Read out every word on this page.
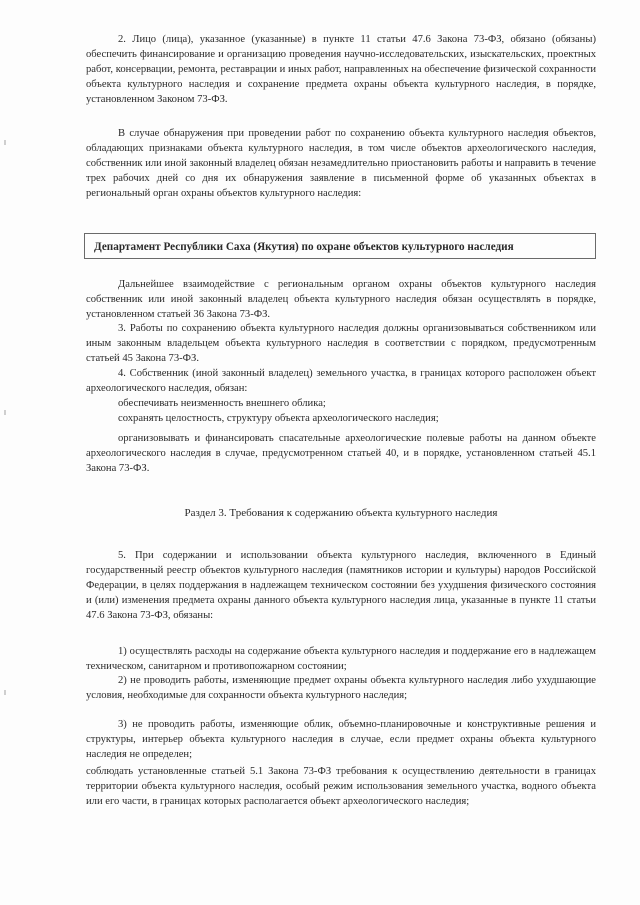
2. Лицо (лица), указанное (указанные) в пункте 11 статьи 47.6 Закона 73-ФЗ, обязано (обязаны) обеспечить финансирование и организацию проведения научно-исследовательских, изыскательских, проектных работ, консервации, ремонта, реставрации и иных работ, направленных на обеспечение физической сохранности объекта культурного наследия и сохранение предмета охраны объекта культурного наследия, в порядке, установленном Законом 73-ФЗ.

В случае обнаружения при проведении работ по сохранению объекта культурного наследия объектов, обладающих признаками объекта культурного наследия, в том числе объектов археологического наследия, собственник или иной законный владелец обязан незамедлительно приостановить работы и направить в течение трех рабочих дней со дня их обнаружения заявление в письменной форме об указанных объектах в региональный орган охраны объектов культурного наследия:

Департамент Республики Саха (Якутия) по охране объектов культурного наследия

Дальнейшее взаимодействие с региональным органом охраны объектов культурного наследия собственник или иной законный владелец объекта культурного наследия обязан осуществлять в порядке, установленном статьей 36 Закона 73-ФЗ.

3. Работы по сохранению объекта культурного наследия должны организовываться собственником или иным законным владельцем объекта культурного наследия в соответствии с порядком, предусмотренным статьей 45 Закона 73-ФЗ.

4. Собственник (иной законный владелец) земельного участка, в границах которого расположен объект археологического наследия, обязан:

обеспечивать неизменность внешнего облика;

сохранять целостность, структуру объекта археологического наследия;

организовывать и финансировать спасательные археологические полевые работы на данном объекте археологического наследия в случае, предусмотренном статьей 40, и в порядке, установленном статьей 45.1 Закона 73-ФЗ.

Раздел 3. Требования к содержанию объекта культурного наследия

5. При содержании и использовании объекта культурного наследия, включенного в Единый государственный реестр объектов культурного наследия (памятников истории и культуры) народов Российской Федерации, в целях поддержания в надлежащем техническом состоянии без ухудшения физического состояния и (или) изменения предмета охраны данного объекта культурного наследия лица, указанные в пункте 11 статьи 47.6 Закона 73-ФЗ, обязаны:

1) осуществлять расходы на содержание объекта культурного наследия и поддержание его в надлежащем техническом, санитарном и противопожарном состоянии;

2) не проводить работы, изменяющие предмет охраны объекта культурного наследия либо ухудшающие условия, необходимые для сохранности объекта культурного наследия;

3) не проводить работы, изменяющие облик, объемно-планировочные и конструктивные решения и структуры, интерьер объекта культурного наследия в случае, если предмет охраны объекта культурного наследия не определен;

соблюдать установленные статьей 5.1 Закона 73-ФЗ требования к осуществлению деятельности в границах территории объекта культурного наследия, особый режим использования земельного участка, водного объекта или его части, в границах которых располагается объект археологического наследия;
